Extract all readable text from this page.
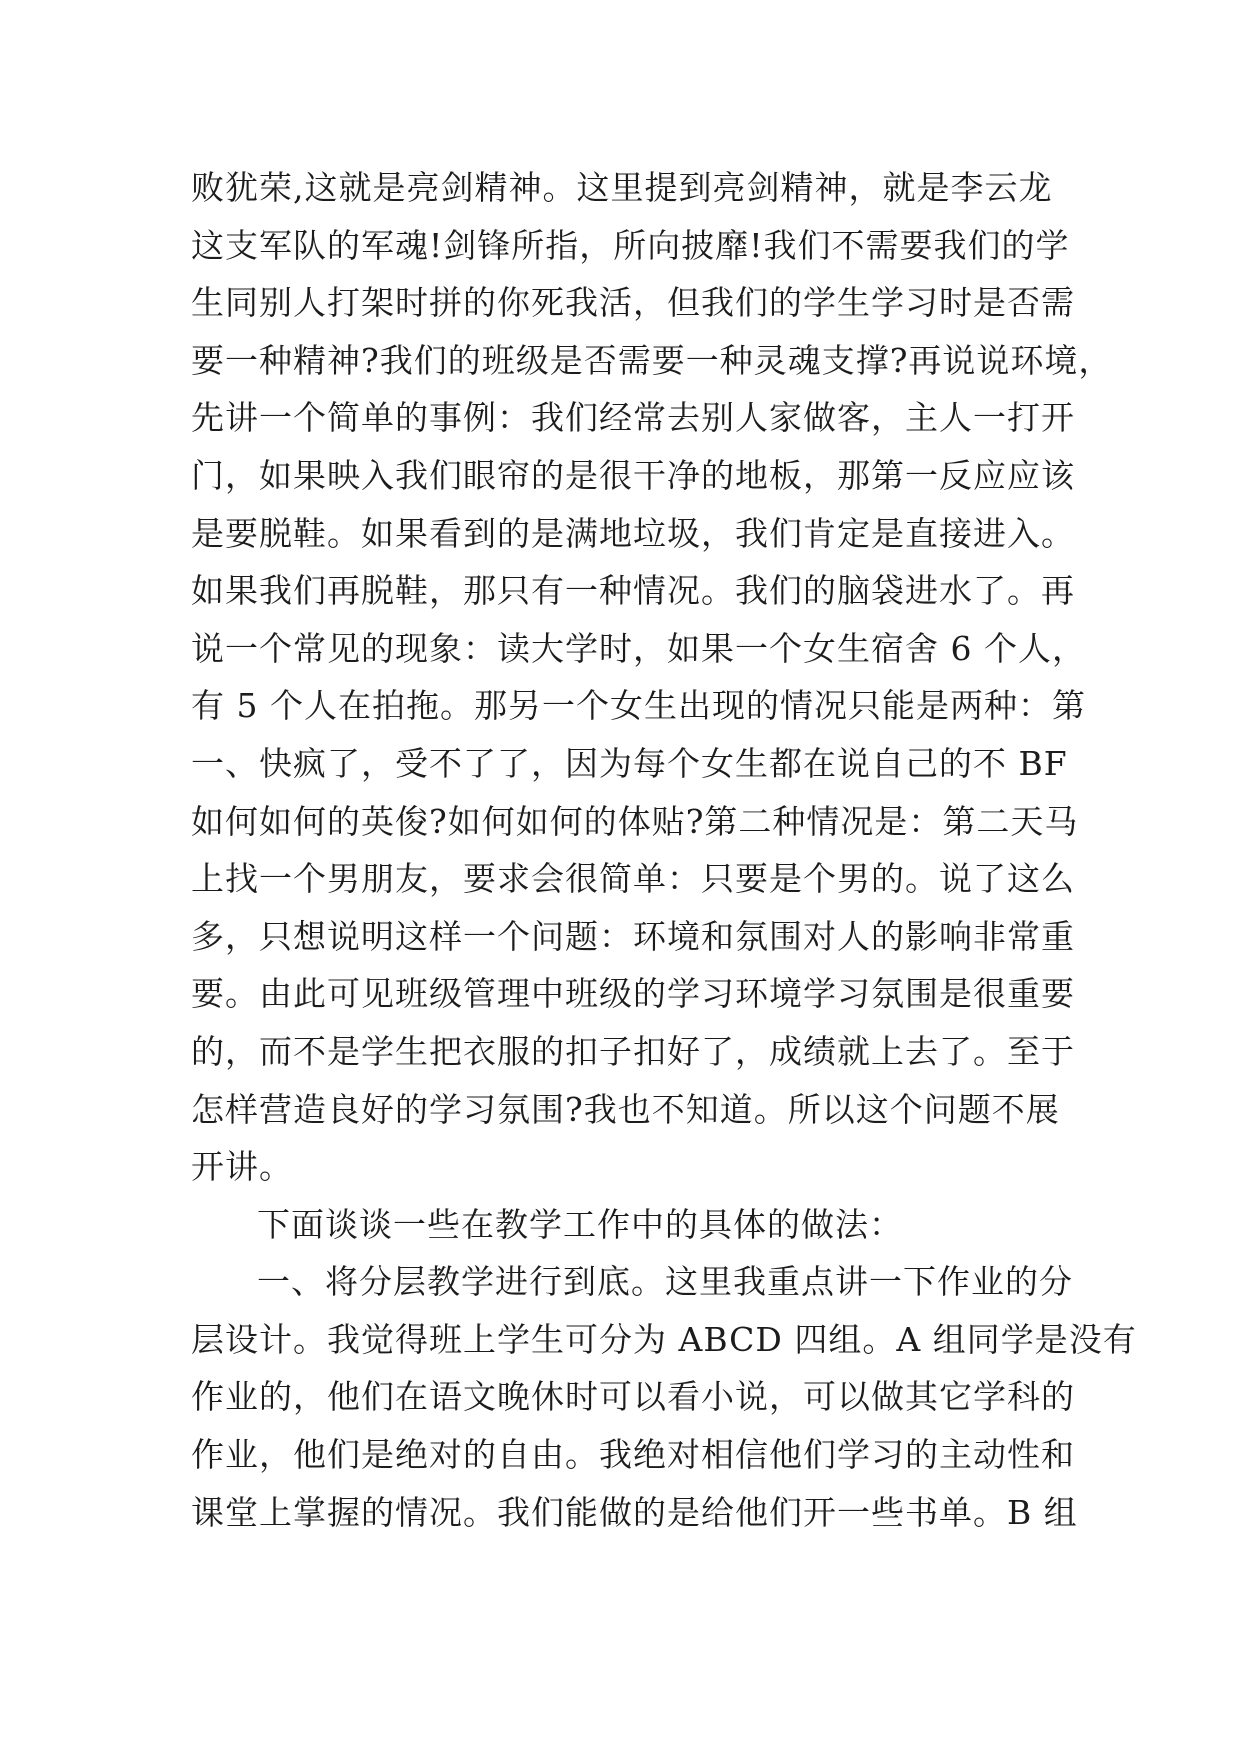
败犹荣,这就是亮剑精神。这里提到亮剑精神，就是李云龙
这支军队的军魂!剑锋所指，所向披靡!我们不需要我们的学
生同别人打架时拼的你死我活，但我们的学生学习时是否需
要一种精神?我们的班级是否需要一种灵魂支撑?再说说环境，
先讲一个简单的事例：我们经常去别人家做客，主人一打开
门，如果映入我们眼帘的是很干净的地板，那第一反应应该
是要脱鞋。如果看到的是满地垃圾，我们肯定是直接进入。
如果我们再脱鞋，那只有一种情况。我们的脑袋进水了。再
说一个常见的现象：读大学时，如果一个女生宿舍 6 个人，
有 5 个人在拍拖。那另一个女生出现的情况只能是两种：第
一、快疯了，受不了了，因为每个女生都在说自己的不 BF
如何如何的英俊?如何如何的体贴?第二种情况是：第二天马
上找一个男朋友，要求会很简单：只要是个男的。说了这么
多，只想说明这样一个问题：环境和氛围对人的影响非常重
要。由此可见班级管理中班级的学习环境学习氛围是很重要
的，而不是学生把衣服的扣子扣好了，成绩就上去了。至于
怎样营造良好的学习氛围?我也不知道。所以这个问题不展
开讲。
下面谈谈一些在教学工作中的具体的做法：
一、将分层教学进行到底。这里我重点讲一下作业的分
层设计。我觉得班上学生可分为 ABCD 四组。A 组同学是没有
作业的，他们在语文晚休时可以看小说，可以做其它学科的
作业，他们是绝对的自由。我绝对相信他们学习的主动性和
课堂上掌握的情况。我们能做的是给他们开一些书单。B 组
